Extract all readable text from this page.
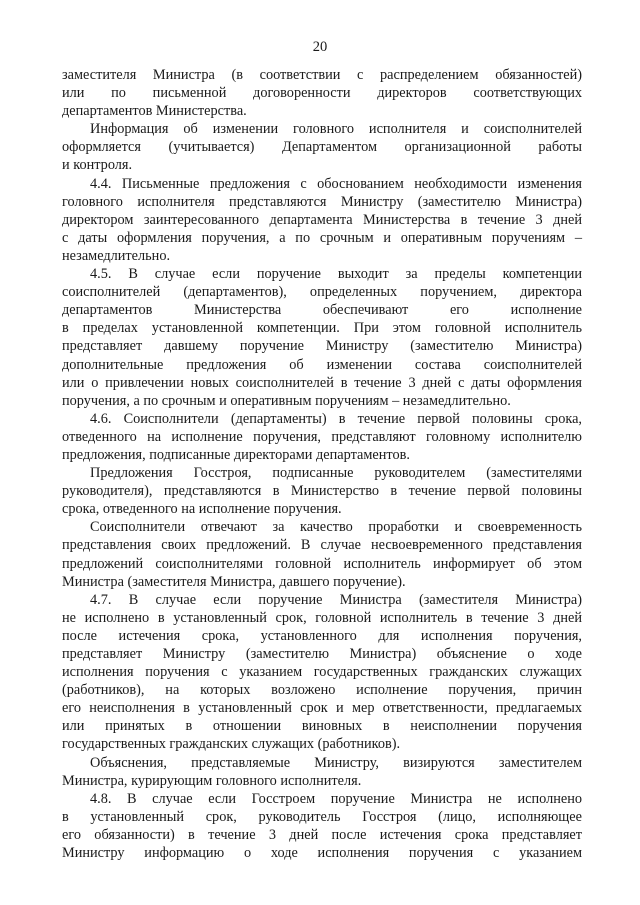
20

заместителя Министра (в соответствии с распределением обязанностей)
или по письменной договоренности директоров соответствующих
департаментов Министерства.

Информация об изменении головного исполнителя и соисполнителей
оформляется (учитывается) Департаментом организационной работы
и контроля.

4.4. Письменные предложения с обоснованием необходимости изменения
головного исполнителя представляются Министру (заместителю Министра)
директором заинтересованного департамента Министерства в течение 3 дней
с даты оформления поручения, а по срочным и оперативным поручениям –
незамедлительно.

4.5. В случае если поручение выходит за пределы компетенции
соисполнителей (департаментов), определенных поручением, директора
департаментов Министерства обеспечивают его исполнение
в пределах установленной компетенции. При этом головной исполнитель
представляет давшему поручение Министру (заместителю Министра)
дополнительные предложения об изменении состава соисполнителей
или о привлечении новых соисполнителей в течение 3 дней с даты оформления
поручения, а по срочным и оперативным поручениям – незамедлительно.

4.6. Соисполнители (департаменты) в течение первой половины срока,
отведенного на исполнение поручения, представляют головному исполнителю
предложения, подписанные директорами департаментов.

Предложения Госстроя, подписанные руководителем (заместителями
руководителя), представляются в Министерство в течение первой половины
срока, отведенного на исполнение поручения.

Соисполнители отвечают за качество проработки и своевременность
представления своих предложений. В случае несвоевременного представления
предложений соисполнителями головной исполнитель информирует об этом
Министра (заместителя Министра, давшего поручение).

4.7. В случае если поручение Министра (заместителя Министра)
не исполнено в установленный срок, головной исполнитель в течение 3 дней
после истечения срока, установленного для исполнения поручения,
представляет Министру (заместителю Министра) объяснение о ходе
исполнения поручения с указанием государственных гражданских служащих
(работников), на которых возложено исполнение поручения, причин
его неисполнения в установленный срок и мер ответственности, предлагаемых
или принятых в отношении виновных в неисполнении поручения
государственных гражданских служащих (работников).

Объяснения, представляемые Министру, визируются заместителем
Министра, курирующим головного исполнителя.

4.8. В случае если Госстроем поручение Министра не исполнено
в установленный срок, руководитель Госстроя (лицо, исполняющее
его обязанности) в течение 3 дней после истечения срока представляет
Министру информацию о ходе исполнения поручения с указанием
